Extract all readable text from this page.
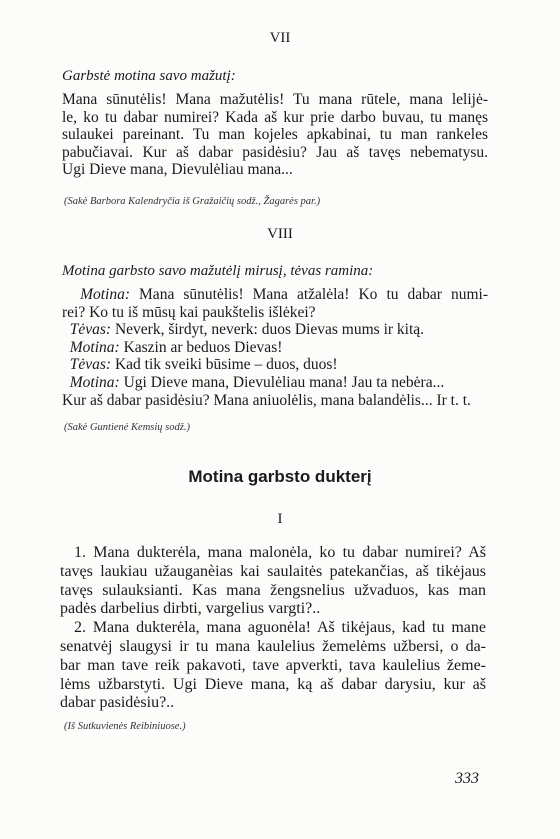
VII
Garbstė motina savo mažutį:
Mana sūnutėlis! Mana mažutėlis! Tu mana rūtele, mana lelijė-
le, ko tu dabar numirei? Kada aš kur prie darbo buvau, tu manęs
sulaukei pareinant. Tu man kojeles apkabinai, tu man rankeles
pabučiavai. Kur aš dabar pasidėsiu? Jau aš tavęs nebematysu.
Ugi Dieve mana, Dievulėliau mana...
(Sakė Barbora Kalendryčia iš Gražaičių sodž., Žagarės par.)
VIII
Motina garbsto savo mažutėlį mirusį, tėvas ramina:
Motina: Mana sūnutėlis! Mana atžalėla! Ko tu dabar numi-
rei? Ko tu iš mūsų kai paukštelis išlėkei?
Tėvas: Neverk, širdyt, neverk: duos Dievas mums ir kitą.
Motina: Kaszin ar beduos Dievas!
Tėvas: Kad tik sveiki būsime – duos, duos!
Motina: Ugi Dieve mana, Dievulėliau mana! Jau ta nebėra...
Kur aš dabar pasidėsiu? Mana aniuolėlis, mana balandėlis... Ir t. t.
(Sakė Guntienė Kemsių sodž.)
Motina garbsto dukterį
I
1. Mana dukterėla, mana malonėla, ko tu dabar numirei? Aš
tavęs laukiau užauganèias kai saulaitės patekančias, aš tikėjaus
tavęs sulauksianti. Kas mana žengsnelius užvaduos, kas man
padės darbelius dirbti, vargelius vargti?..
2. Mana dukterėla, mana aguonėla! Aš tikėjaus, kad tu mane
senatvėj slaugysi ir tu mana kaulelius žemelėms užbersi, o da-
bar man tave reik pakavoti, tave apverkti, tava kaulelius žeme-
lėms užbarstyti. Ugi Dieve mana, ką aš dabar darysiu, kur aš
dabar pasidėsiu?..
(Iš Sutkuvienės Reibiniuose.)
333
